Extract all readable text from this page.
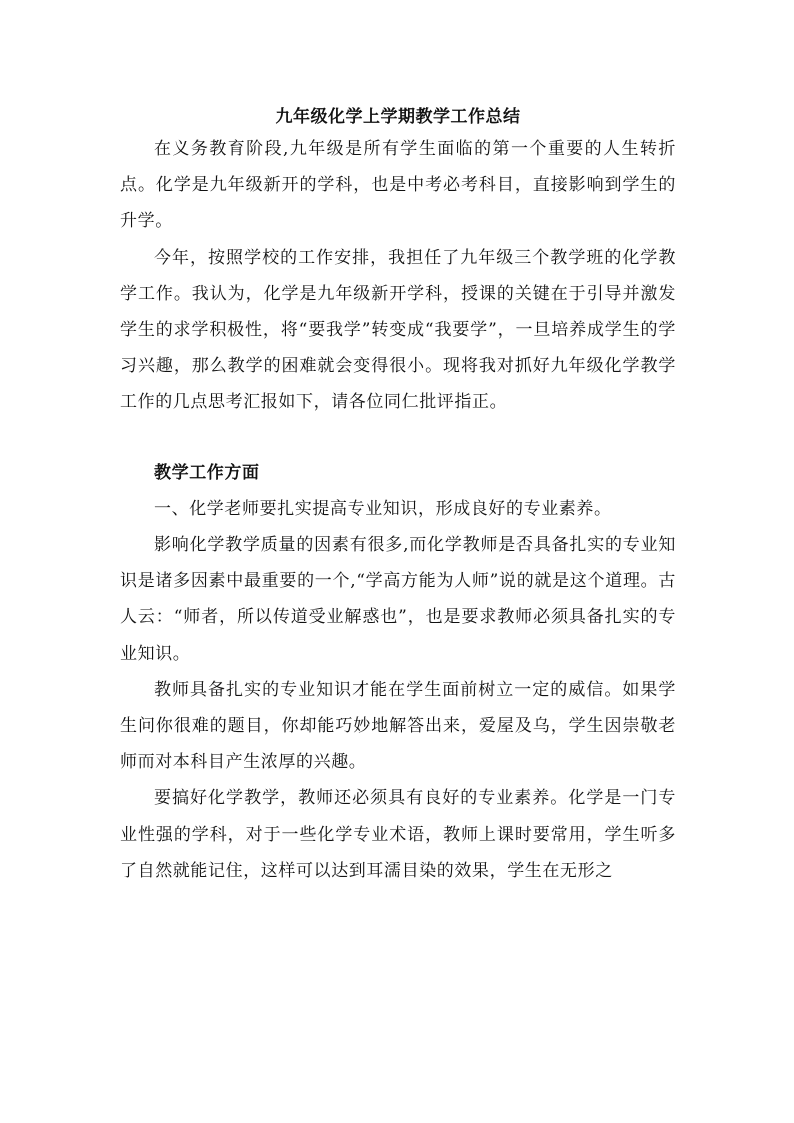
九年级化学上学期教学工作总结

在义务教育阶段,九年级是所有学生面临的第一个重要的人生转折点。化学是九年级新开的学科，也是中考必考科目，直接影响到学生的升学。

今年，按照学校的工作安排，我担任了九年级三个教学班的化学教学工作。我认为，化学是九年级新开学科，授课的关键在于引导并激发学生的求学积极性，将“要我学”转变成“我要学”，一旦培养成学生的学习兴趣，那么教学的困难就会变得很小。现将我对抓好九年级化学教学工作的几点思考汇报如下，请各位同仁批评指正。

教学工作方面

一、化学老师要扎实提高专业知识，形成良好的专业素养。

影响化学教学质量的因素有很多,而化学教师是否具备扎实的专业知识是诸多因素中最重要的一个,“学高方能为人师”说的就是这个道理。古人云：“师者，所以传道受业解惑也”，也是要求教师必须具备扎实的专业知识。

教师具备扎实的专业知识才能在学生面前树立一定的威信。如果学生问你很难的题目，你却能巧妙地解答出来，爱屋及乌，学生因崇敬老师而对本科目产生浓厚的兴趣。

要搞好化学教学，教师还必须具有良好的专业素养。化学是一门专业性强的学科，对于一些化学专业术语，教师上课时要常用，学生听多了自然就能记住，这样可以达到耳濡目染的效果，学生在无形之
